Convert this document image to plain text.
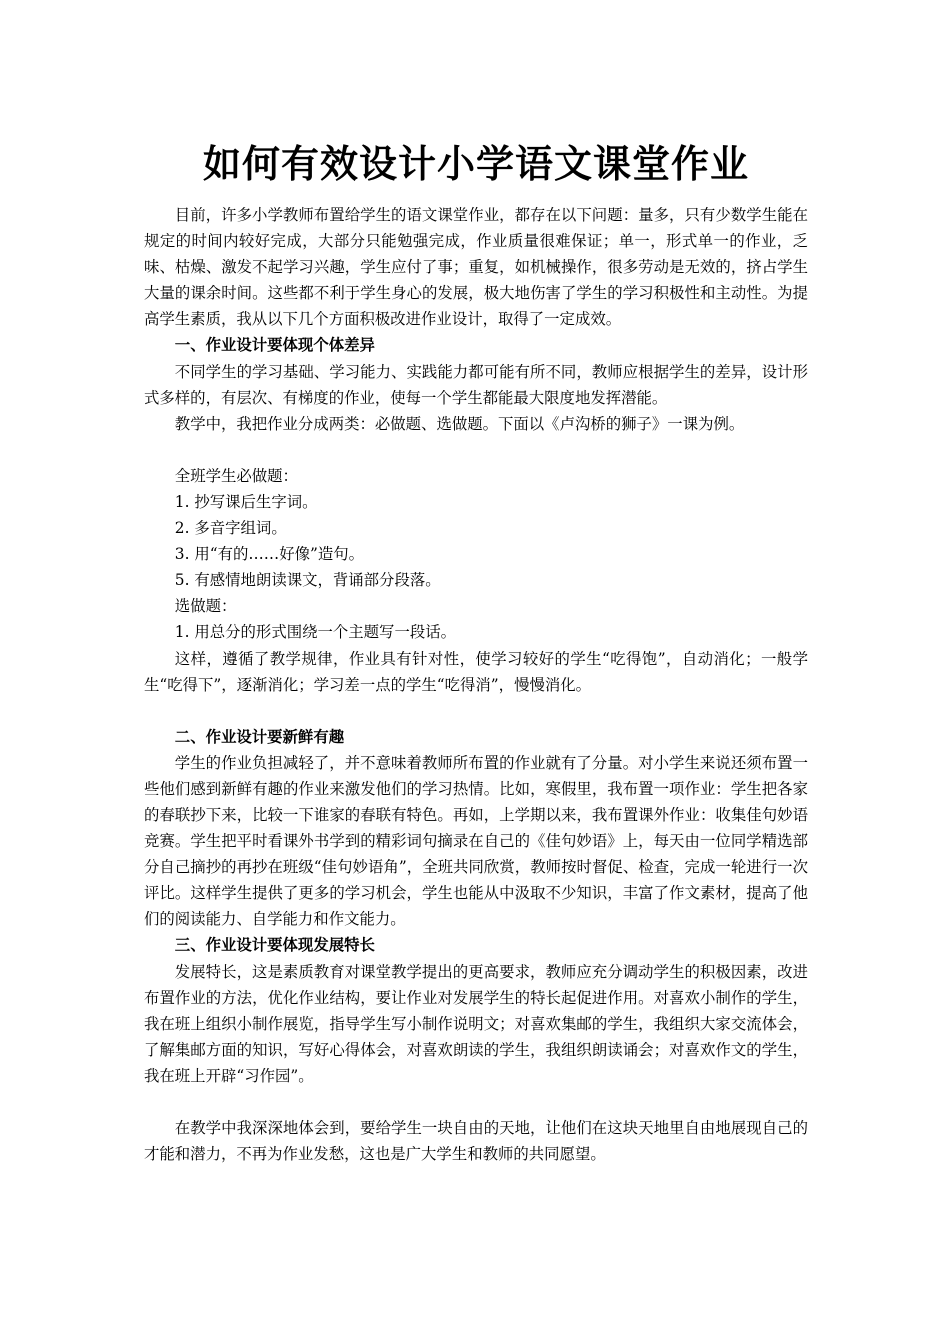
如何有效设计小学语文课堂作业

目前，许多小学教师布置给学生的语文课堂作业，都存在以下问题：量多，只有少数学生能在规定的时间内较好完成，大部分只能勉强完成，作业质量很难保证；单一，形式单一的作业，乏味、枯燥、激发不起学习兴趣，学生应付了事；重复，如机械操作，很多劳动是无效的，挤占学生大量的课余时间。这些都不利于学生身心的发展，极大地伤害了学生的学习积极性和主动性。为提高学生素质，我从以下几个方面积极改进作业设计，取得了一定成效。

一、作业设计要体现个体差异

不同学生的学习基础、学习能力、实践能力都可能有所不同，教师应根据学生的差异，设计形式多样的，有层次、有梯度的作业，使每一个学生都能最大限度地发挥潜能。

教学中，我把作业分成两类：必做题、选做题。下面以《卢沟桥的狮子》一课为例。

全班学生必做题：

1. 抄写课后生字词。

2. 多音字组词。

3. 用“有的……好像”造句。

5. 有感情地朗读课文，背诵部分段落。

选做题：

1. 用总分的形式围绕一个主题写一段话。

这样，遵循了教学规律，作业具有针对性，使学习较好的学生“吃得饱”，自动消化；一般学生“吃得下”，逐渐消化；学习差一点的学生“吃得消”，慢慢消化。

二、作业设计要新鲜有趣

学生的作业负担减轻了，并不意味着教师所布置的作业就有了分量。对小学生来说还须布置一些他们感到新鲜有趣的作业来激发他们的学习热情。比如，寒假里，我布置一项作业：学生把各家的春联抄下来，比较一下谁家的春联有特色。再如，上学期以来，我布置课外作业：收集佳句妙语竞赛。学生把平时看课外书学到的精彩词句摘录在自己的《佳句妙语》上，每天由一位同学精选部分自己摘抄的再抄在班级“佳句妙语角”，全班共同欣赏，教师按时督促、检查，完成一轮进行一次评比。这样学生提供了更多的学习机会，学生也能从中汲取不少知识，丰富了作文素材，提高了他们的阅读能力、自学能力和作文能力。

三、作业设计要体现发展特长

发展特长，这是素质教育对课堂教学提出的更高要求，教师应充分调动学生的积极因素，改进布置作业的方法，优化作业结构，要让作业对发展学生的特长起促进作用。对喜欢小制作的学生，我在班上组织小制作展览，指导学生写小制作说明文；对喜欢集邮的学生，我组织大家交流体会，了解集邮方面的知识，写好心得体会，对喜欢朗读的学生，我组织朗读诵会；对喜欢作文的学生，我在班上开辟“习作园”。

在教学中我深深地体会到，要给学生一块自由的天地，让他们在这块天地里自由地展现自己的才能和潜力，不再为作业发愁，这也是广大学生和教师的共同愿望。
